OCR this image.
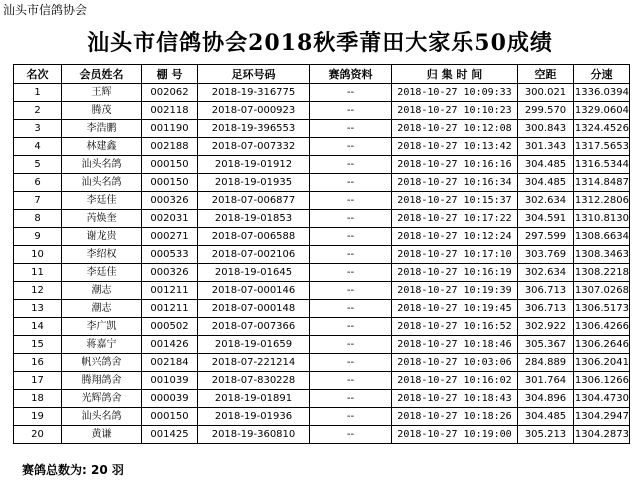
汕头市信鸽协会
汕头市信鸽协会2018秋季莆田大家乐50成绩
名次	会员姓名	棚 号	足环号码	赛鸽资料	归 集 时 间	空距	分速
1	王辉	002062	2018-19-316775	--	2018-10-27 10:09:33	300.021	1336.0394
2	腾茂	002118	2018-07-000923	--	2018-10-27 10:10:23	299.570	1329.0604
3	李浩鹏	001190	2018-19-396553	--	2018-10-27 10:12:08	300.843	1324.4526
4	林建鑫	002188	2018-07-007332	--	2018-10-27 10:13:42	301.343	1317.5653
5	汕头名鸽	000150	2018-19-01912	--	2018-10-27 10:16:16	304.485	1316.5344
6	汕头名鸽	000150	2018-19-01935	--	2018-10-27 10:16:34	304.485	1314.8487
7	李廷佳	000326	2018-07-006877	--	2018-10-27 10:15:37	302.634	1312.2806
8	芮焕奎	002031	2018-19-01853	--	2018-10-27 10:17:22	304.591	1310.8130
9	谢龙贵	000271	2018-07-006588	--	2018-10-27 10:12:24	297.599	1308.6634
10	李绍权	000533	2018-07-002106	--	2018-10-27 10:17:10	303.769	1308.3463
11	李廷佳	000326	2018-19-01645	--	2018-10-27 10:16:19	302.634	1308.2218
12	潮志	001211	2018-07-000146	--	2018-10-27 10:19:39	306.713	1307.0268
13	潮志	001211	2018-07-000148	--	2018-10-27 10:19:45	306.713	1306.5173
14	李广凯	000502	2018-07-007366	--	2018-10-27 10:16:52	302.922	1306.4266
15	蒋嘉宁	001426	2018-19-01659	--	2018-10-27 10:18:46	305.367	1306.2646
16	帆兴鸽舍	002184	2018-07-221214	--	2018-10-27 10:03:06	284.889	1306.2041
17	腾翔鸽舍	001039	2018-07-830228	--	2018-10-27 10:16:02	301.764	1306.1266
18	光辉鸽舍	000039	2018-19-01891	--	2018-10-27 10:18:43	304.896	1304.4730
19	汕头名鸽	000150	2018-19-01936	--	2018-10-27 10:18:26	304.485	1304.2947
20	黄谦	001425	2018-19-360810	--	2018-10-27 10:19:00	305.213	1304.2873
赛鸽总数为: 20 羽
